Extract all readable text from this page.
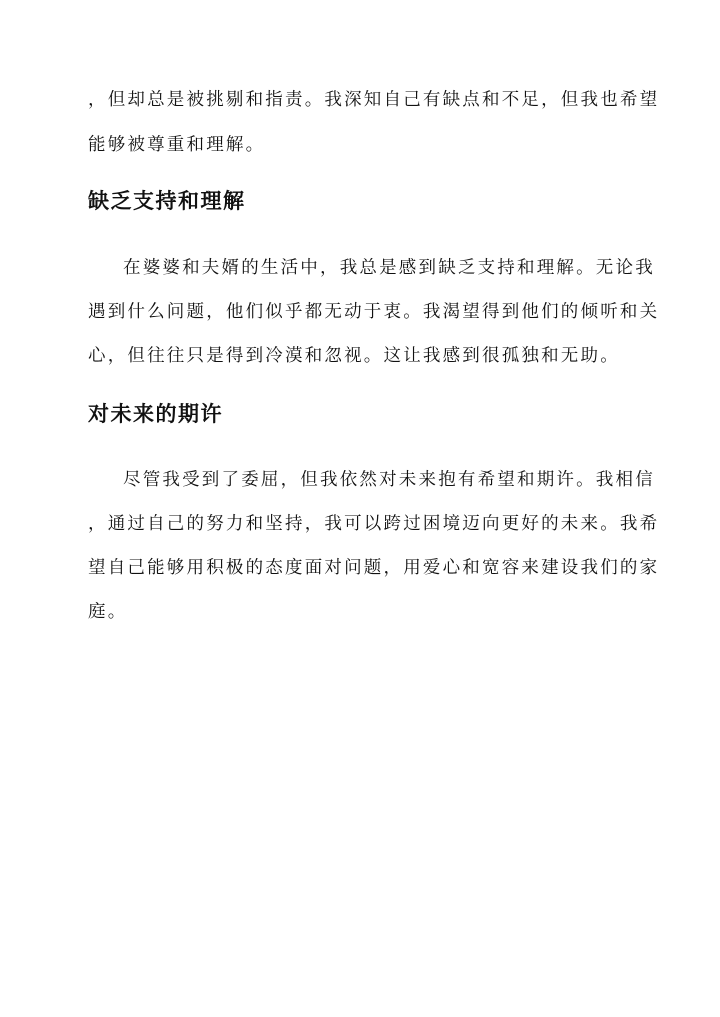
，但却总是被挑剔和指责。我深知自己有缺点和不足，但我也希望
能够被尊重和理解。
缺乏支持和理解
在婆婆和夫婿的生活中，我总是感到缺乏支持和理解。无论我
遇到什么问题，他们似乎都无动于衷。我渴望得到他们的倾听和关
心，但往往只是得到冷漠和忽视。这让我感到很孤独和无助。
对未来的期许
尽管我受到了委屈，但我依然对未来抱有希望和期许。我相信
，通过自己的努力和坚持，我可以跨过困境迈向更好的未来。我希
望自己能够用积极的态度面对问题，用爱心和宽容来建设我们的家
庭。
